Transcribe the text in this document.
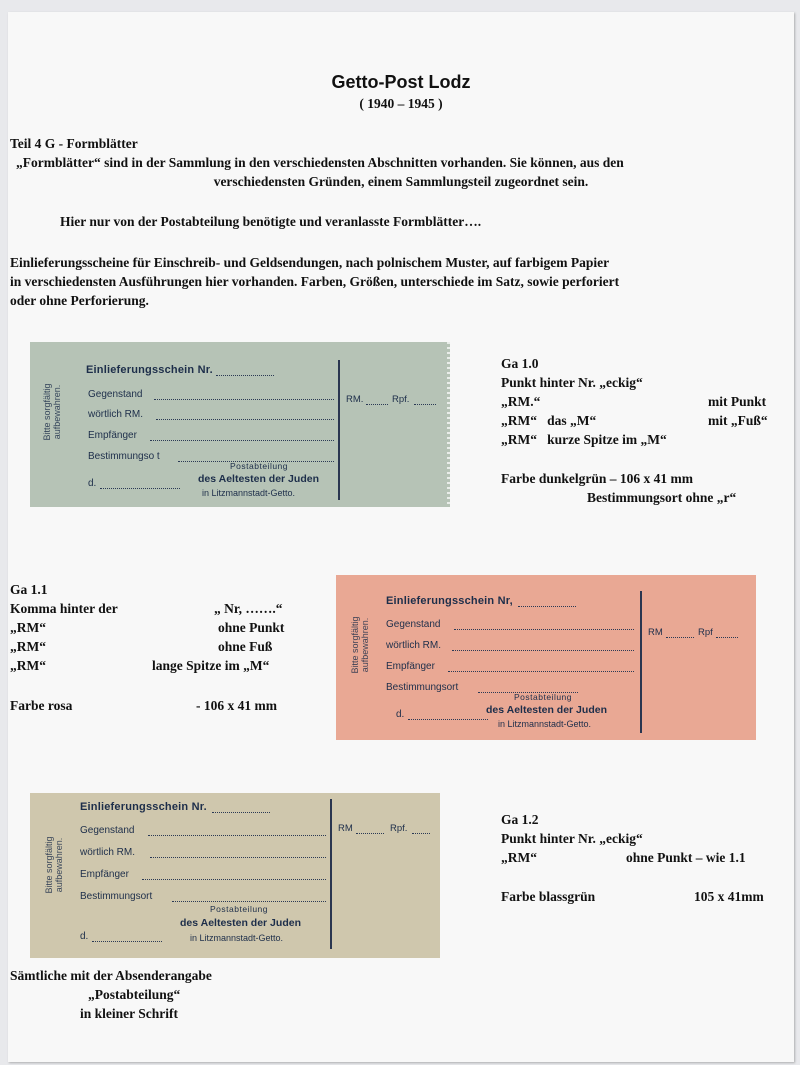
Getto-Post Lodz
( 1940 – 1945 )
Teil 4 G - Formblätter
„Formblätter“ sind in der Sammlung in den verschiedensten Abschnitten vorhanden. Sie können, aus den
verschiedensten Gründen, einem Sammlungsteil zugeordnet sein.
Hier nur von der Postabteilung benötigte und veranlasste Formblätter….
Einlieferungsscheine für Einschreib- und Geldsendungen, nach polnischem Muster, auf farbigem Papier
in verschiedensten Ausführungen hier vorhanden. Farben, Größen, unterschiede im Satz, sowie perforiert
oder ohne Perforierung.
Bitte sorgfältig aufbewahren.
Einlieferungsschein Nr.
Gegenstand
wörtlich RM.
Empfänger
Bestimmungso t
d.
Postabteilung
des Aeltesten der Juden
in Litzmannstadt-Getto.
RM.	Rpf.
Ga 1.0
Punkt hinter Nr. „eckig“
„RM.“	mit Punkt
„RM“   das „M“	mit „Fuß“
„RM“   kurze Spitze im „M“
Farbe dunkelgrün – 106 x 41 mm
Bestimmungsort ohne „r“
Ga 1.1
Komma hinter der	„ Nr, …….“
„RM“	ohne Punkt
„RM“	ohne Fuß
„RM“	lange Spitze im „M“
Farbe rosa	- 106 x 41 mm
Bitte sorgfältig aufbewahren.
Einlieferungsschein Nr,
Gegenstand
wörtlich RM.
Empfänger
Bestimmungsort
d.
Postabteilung
des Aeltesten der Juden
in Litzmannstadt-Getto.
RM	Rpf
Bitte sorgfältig aufbewahren.
Einlieferungsschein Nr.
Gegenstand
wörtlich RM.
Empfänger
Bestimmungsort
d.
Postabteilung
des Aeltesten der Juden
in Litzmannstadt-Getto.
RM	Rpf.
Ga 1.2
Punkt hinter Nr. „eckig“
„RM“	ohne Punkt – wie 1.1
Farbe blassgrün	105 x 41mm
Sämtliche mit der Absenderangabe
„Postabteilung“
in kleiner Schrift
